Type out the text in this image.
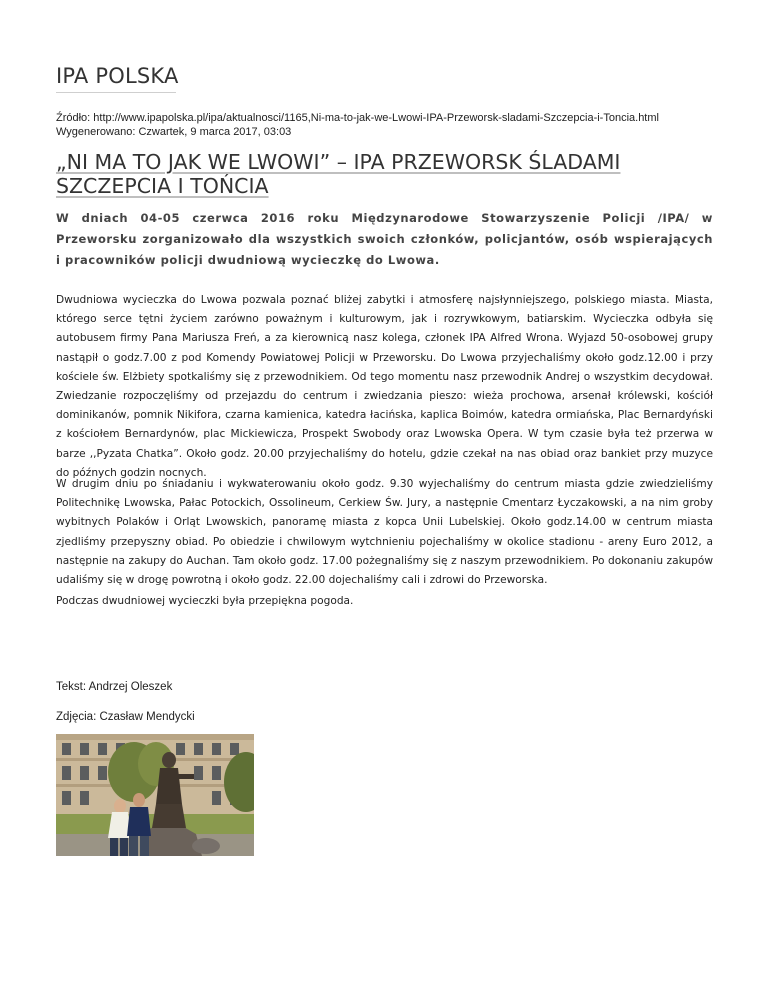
IPA POLSKA
Źródło: http://www.ipapolska.pl/ipa/aktualnosci/1165,Ni-ma-to-jak-we-Lwowi-IPA-Przeworsk-sladami-Szczepcia-i-Toncia.html
Wygenerowano: Czwartek, 9 marca 2017, 03:03
„NI MA TO JAK WE LWOWI” – IPA PRZEWORSK ŚLADAMI SZCZEPCIA I TOŃCIA

W dniach 04-05 czerwca 2016 roku Międzynarodowe Stowarzyszenie Policji /IPA/ w Przeworsku zorganizowało dla wszystkich swoich członków, policjantów, osób wspierających i pracowników policji dwudniową wycieczkę do Lwowa.

Dwudniowa wycieczka do Lwowa pozwala poznać bliżej zabytki i atmosferę najsłynniejszego, polskiego miasta. Miasta, którego serce tętni życiem zarówno poważnym i kulturowym, jak i rozrywkowym, batiarskim. Wycieczka odbyła się autobusem firmy Pana Mariusza Freń, a za kierownicą nasz kolega, członek IPA Alfred Wrona. Wyjazd 50-osobowej grupy nastąpił o godz.7.00 z pod Komendy Powiatowej Policji w Przeworsku. Do Lwowa przyjechaliśmy około godz.12.00 i przy kościele św. Elżbiety spotkaliśmy się z przewodnikiem. Od tego momentu nasz przewodnik Andrej o wszystkim decydował. Zwiedzanie rozpoczęliśmy od przejazdu do centrum i zwiedzania pieszo: wieża prochowa, arsenał królewski, kościół dominikanów, pomnik Nikifora, czarna kamienica, katedra łacińska, kaplica Boimów, katedra ormiańska, Plac Bernardyński z kościołem Bernardynów, plac Mickiewicza, Prospekt Swobody oraz Lwowska Opera. W tym czasie była też przerwa w barze ,,Pyzata Chatka”. Około godz. 20.00 przyjechaliśmy do hotelu, gdzie czekał na nas obiad oraz bankiet przy muzyce do późnych godzin nocnych.

W drugim dniu po śniadaniu i wykwaterowaniu około godz. 9.30 wyjechaliśmy do centrum miasta gdzie zwiedzieliśmy Politechnikę Lwowska, Pałac Potockich, Ossolineum, Cerkiew Św. Jury, a następnie Cmentarz Łyczakowski, a na nim groby wybitnych Polaków i Orląt Lwowskich, panoramę miasta z kopca Unii Lubelskiej. Około godz.14.00 w centrum miasta zjedliśmy przepyszny obiad. Po obiedzie i chwilowym wytchnieniu pojechaliśmy w okolice stadionu - areny Euro 2012, a następnie na zakupy do Auchan. Tam około godz. 17.00 pożegnaliśmy się z naszym przewodnikiem. Po dokonaniu zakupów udaliśmy się w drogę powrotną i około godz. 22.00 dojechaliśmy cali i zdrowi do Przeworska.

Podczas dwudniowej wycieczki była przepiękna pogoda.

Tekst: Andrzej Oleszek

Zdjęcia: Czasław Mendycki
